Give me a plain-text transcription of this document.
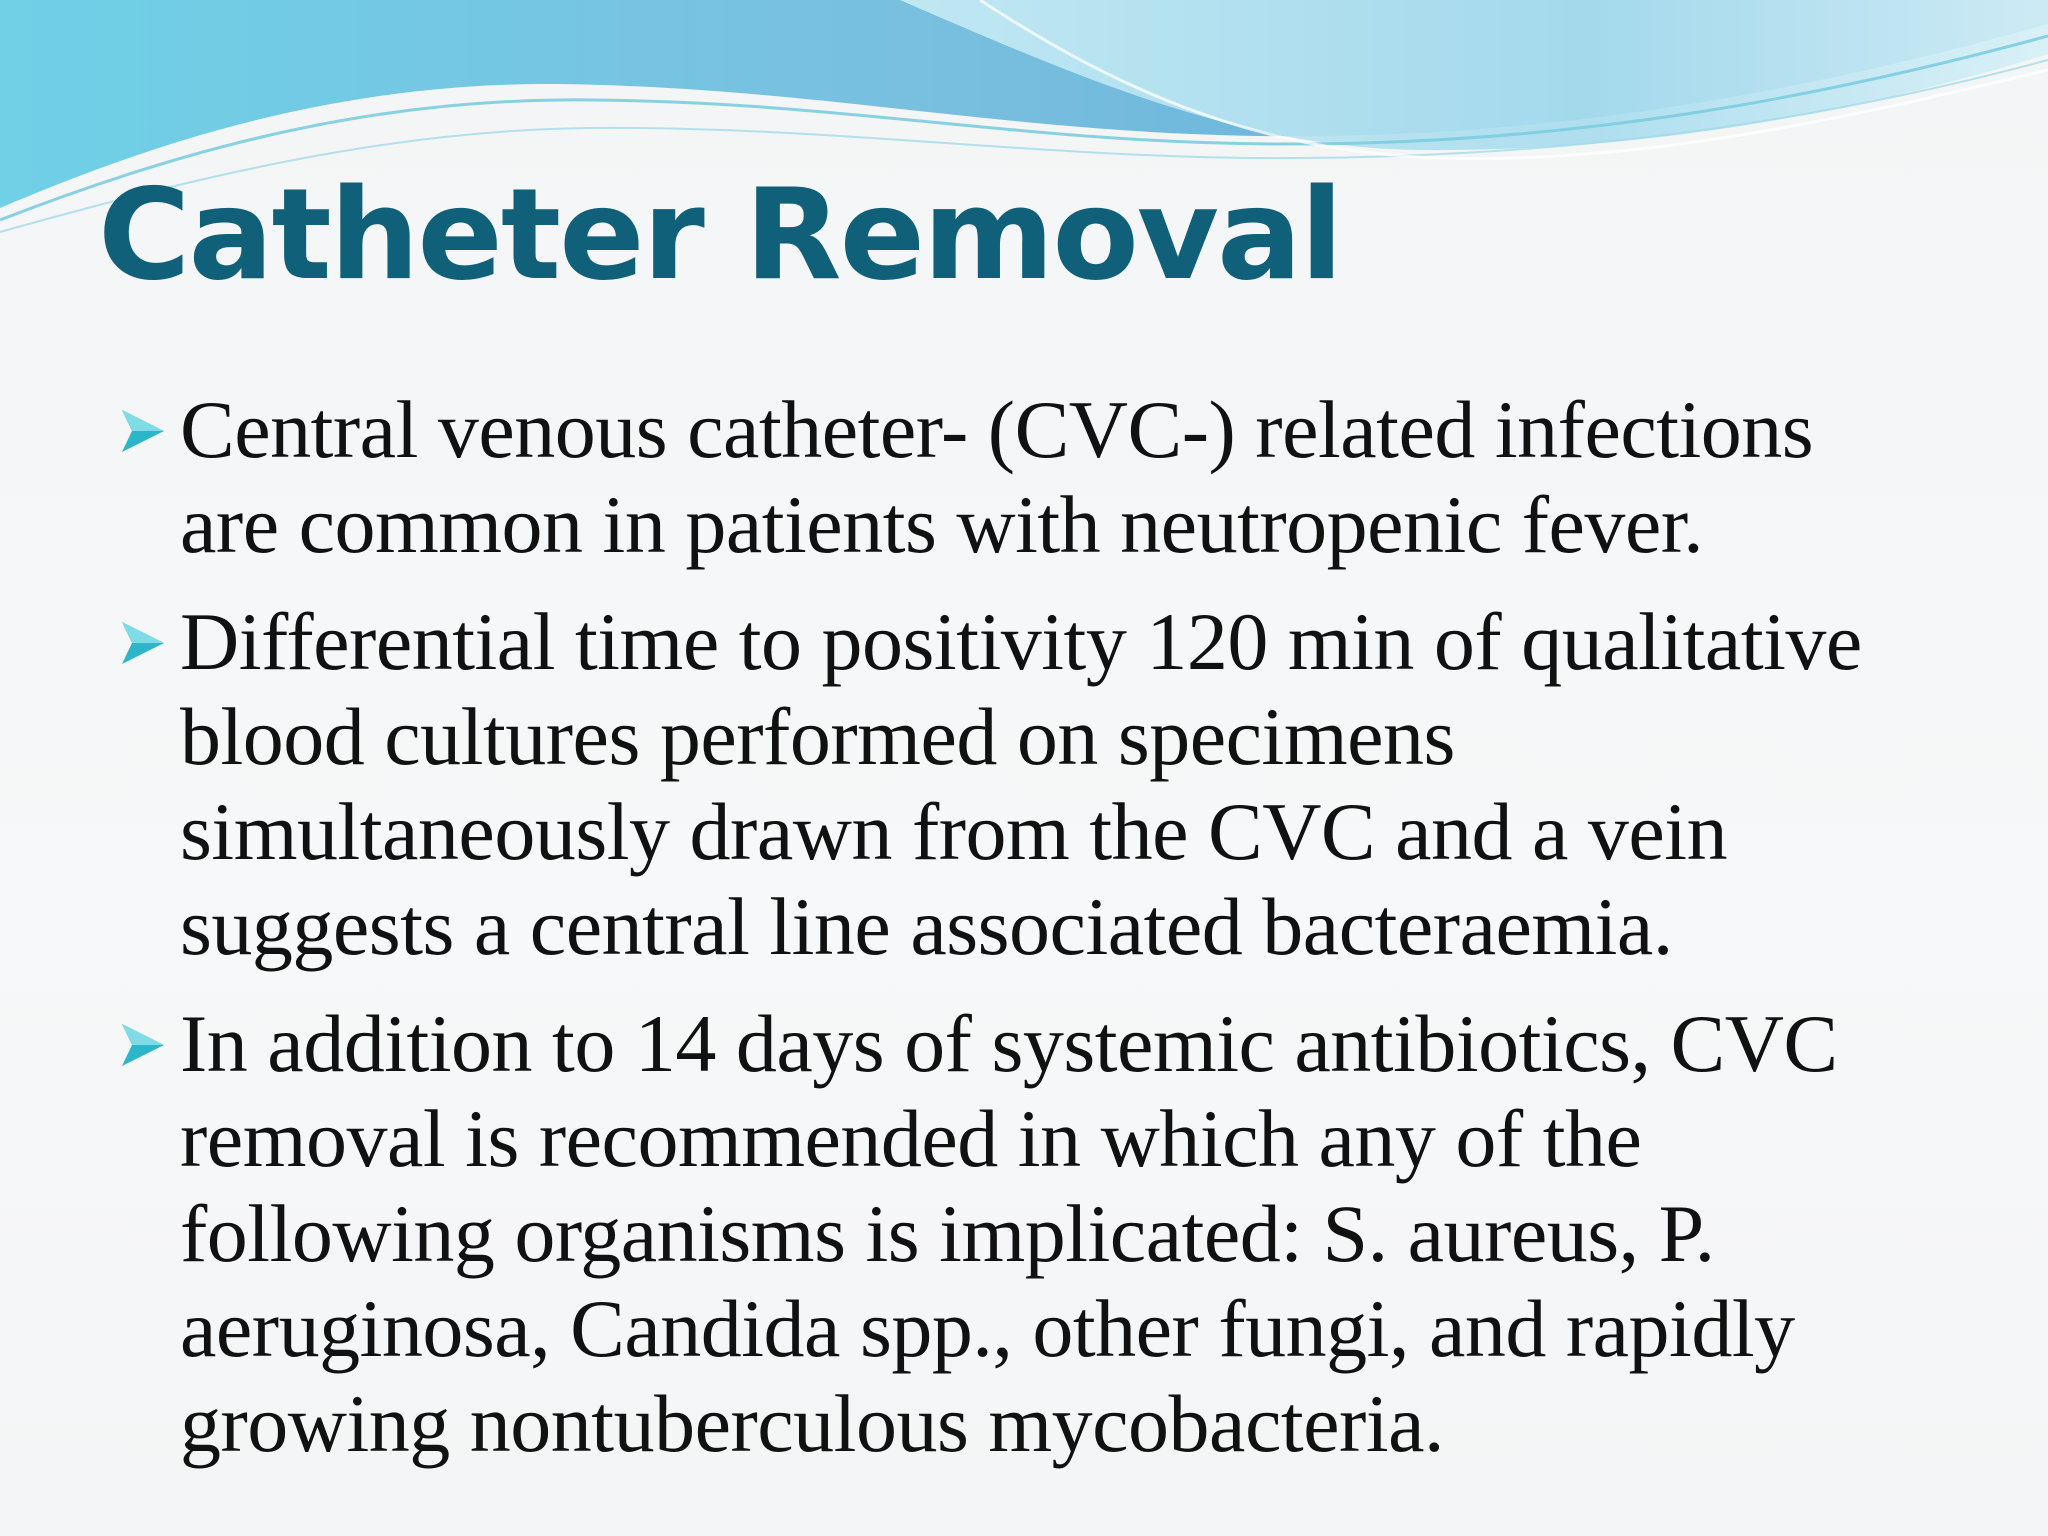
Catheter Removal
Central venous catheter- (CVC-) related infections
are common in patients with neutropenic fever.
Differential time to positivity 120 min of qualitative
blood cultures performed on specimens
simultaneously drawn from the CVC and a vein
suggests a central line associated bacteraemia.
In addition to 14 days of systemic antibiotics, CVC
removal is recommended in which any of the
following organisms is implicated: S. aureus, P.
aeruginosa, Candida spp., other fungi, and rapidly
growing nontuberculous mycobacteria.
